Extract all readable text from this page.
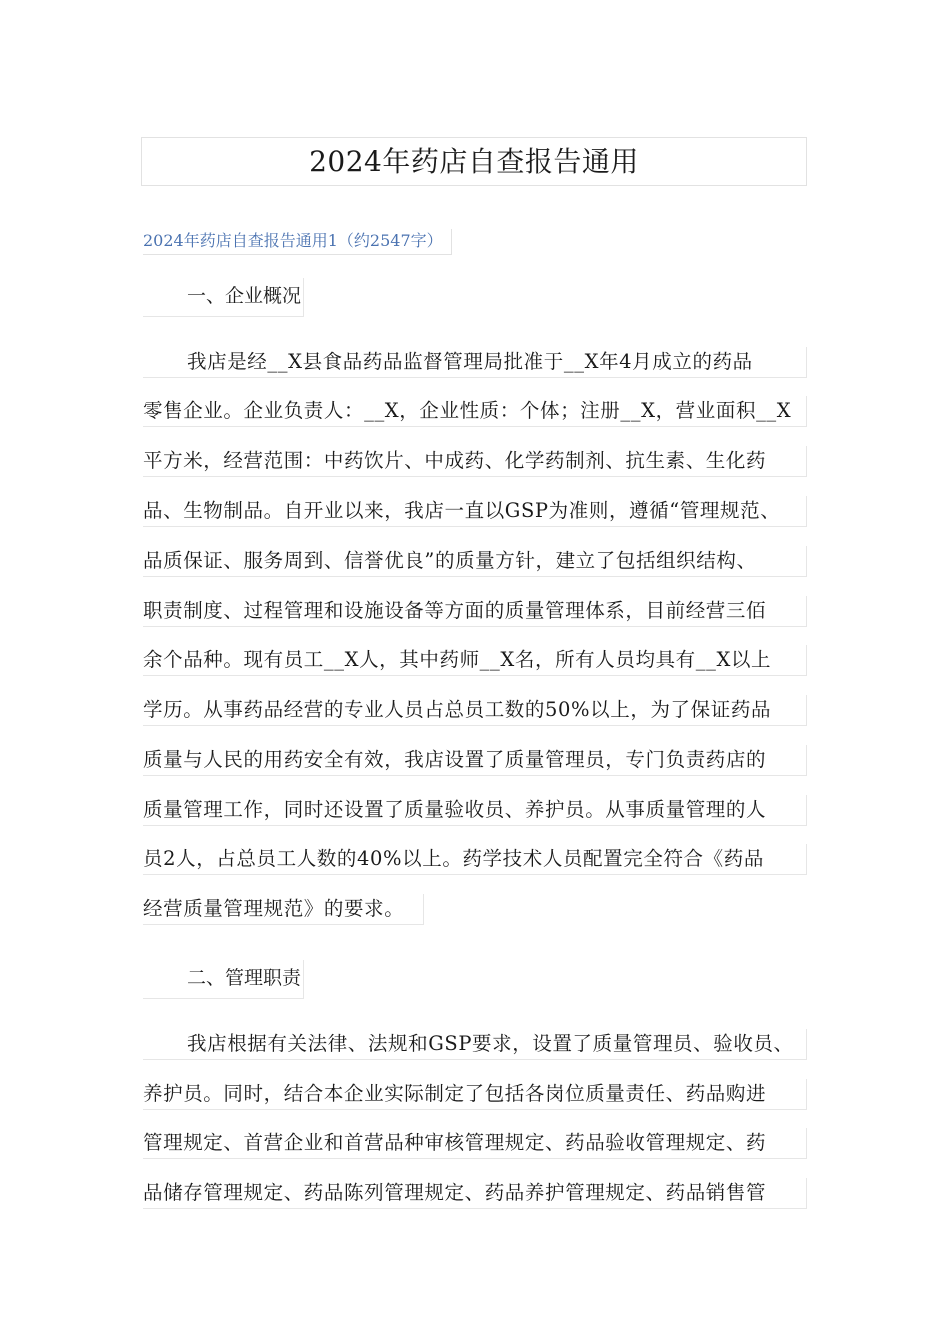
2024年药店自查报告通用
2024年药店自查报告通用1（约2547字）
一、企业概况
我店是经__X县食品药品监督管理局批准于__X年4月成立的药品
零售企业。企业负责人：__X，企业性质：个体；注册__X，营业面积__X
平方米，经营范围：中药饮片、中成药、化学药制剂、抗生素、生化药
品、生物制品。自开业以来，我店一直以GSP为准则，遵循“管理规范、
品质保证、服务周到、信誉优良”的质量方针，建立了包括组织结构、
职责制度、过程管理和设施设备等方面的质量管理体系，目前经营三佰
余个品种。现有员工__X人，其中药师__X名，所有人员均具有__X以上
学历。从事药品经营的专业人员占总员工数的50%以上，为了保证药品
质量与人民的用药安全有效，我店设置了质量管理员，专门负责药店的
质量管理工作，同时还设置了质量验收员、养护员。从事质量管理的人
员2人，占总员工人数的40%以上。药学技术人员配置完全符合《药品
经营质量管理规范》的要求。
二、管理职责
我店根据有关法律、法规和GSP要求，设置了质量管理员、验收员、
养护员。同时，结合本企业实际制定了包括各岗位质量责任、药品购进
管理规定、首营企业和首营品种审核管理规定、药品验收管理规定、药
品储存管理规定、药品陈列管理规定、药品养护管理规定、药品销售管
